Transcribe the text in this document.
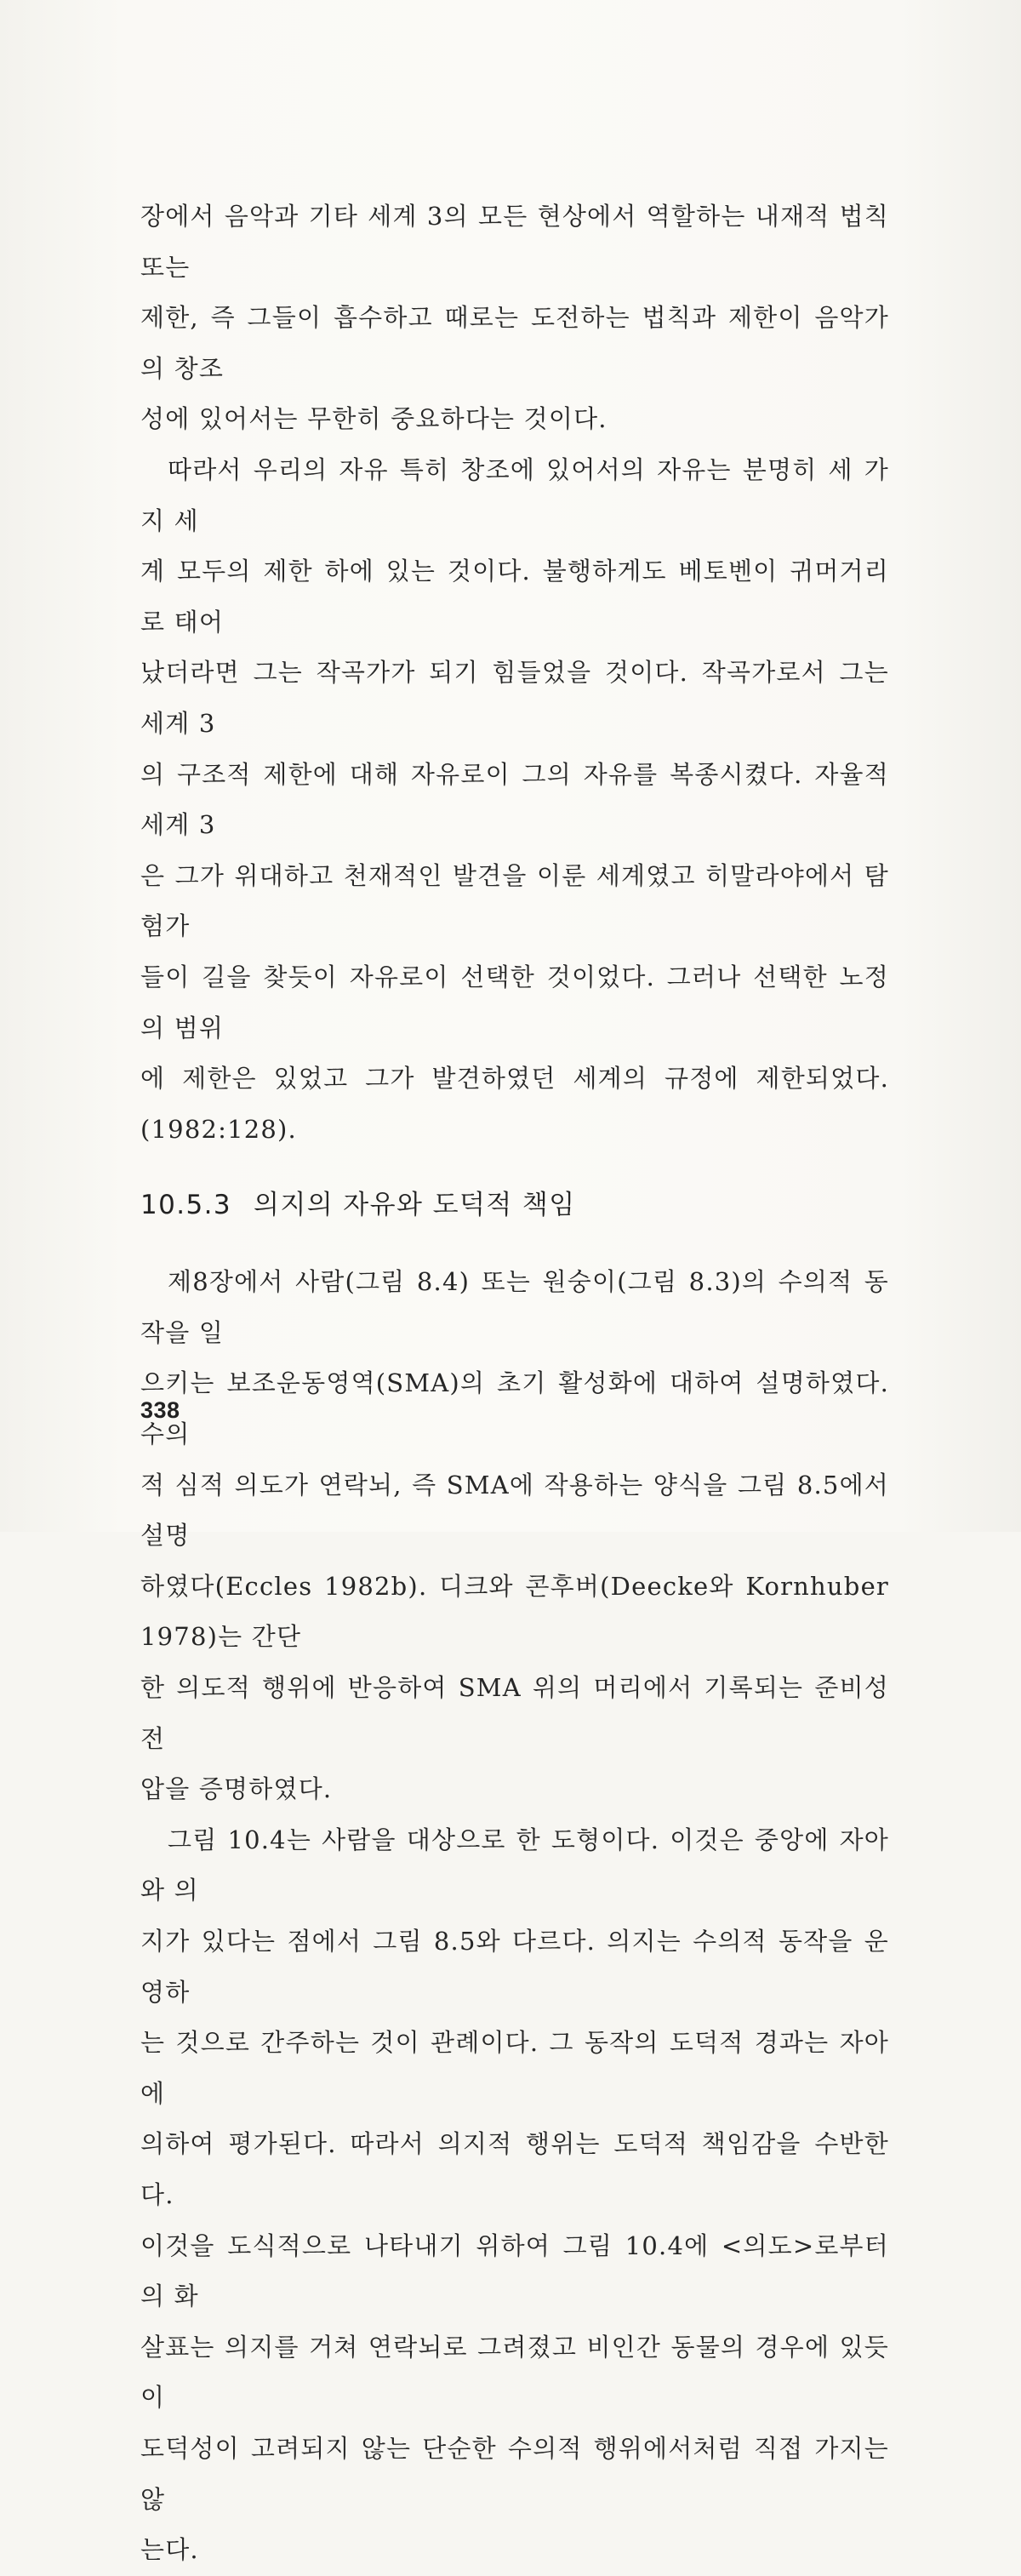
장에서 음악과 기타 세계 3의 모든 현상에서 역할하는 내재적 법칙 또는
제한, 즉 그들이 흡수하고 때로는 도전하는 법칙과 제한이 음악가의 창조
성에 있어서는 무한히 중요하다는 것이다.

따라서 우리의 자유 특히 창조에 있어서의 자유는 분명히 세 가지 세
계 모두의 제한 하에 있는 것이다. 불행하게도 베토벤이 귀머거리로 태어
났더라면 그는 작곡가가 되기 힘들었을 것이다. 작곡가로서 그는 세계 3
의 구조적 제한에 대해 자유로이 그의 자유를 복종시켰다. 자율적 세계 3
은 그가 위대하고 천재적인 발견을 이룬 세계였고 히말라야에서 탐험가
들이 길을 찾듯이 자유로이 선택한 것이었다. 그러나 선택한 노정의 범위
에 제한은 있었고 그가 발견하였던 세계의 규정에 제한되었다.(1982:128).

10.5.3 의지의 자유와 도덕적 책임

제8장에서 사람(그림 8.4) 또는 원숭이(그림 8.3)의 수의적 동작을 일
으키는 보조운동영역(SMA)의 초기 활성화에 대하여 설명하였다. 수의
적 심적 의도가 연락뇌, 즉 SMA에 작용하는 양식을 그림 8.5에서 설명
하였다(Eccles 1982b). 디크와 콘후버(Deecke와 Kornhuber 1978)는 간단
한 의도적 행위에 반응하여 SMA 위의 머리에서 기록되는 준비성 전
압을 증명하였다.

그림 10.4는 사람을 대상으로 한 도형이다. 이것은 중앙에 자아와 의
지가 있다는 점에서 그림 8.5와 다르다. 의지는 수의적 동작을 운영하
는 것으로 간주하는 것이 관례이다. 그 동작의 도덕적 경과는 자아에
의하여 평가된다. 따라서 의지적 행위는 도덕적 책임감을 수반한다.
이것을 도식적으로 나타내기 위하여 그림 10.4에 <의도>로부터의 화
살표는 의지를 거쳐 연락뇌로 그려졌고 비인간 동물의 경우에 있듯이
도덕성이 고려되지 않는 단순한 수의적 행위에서처럼 직접 가지는 않
는다.

338
